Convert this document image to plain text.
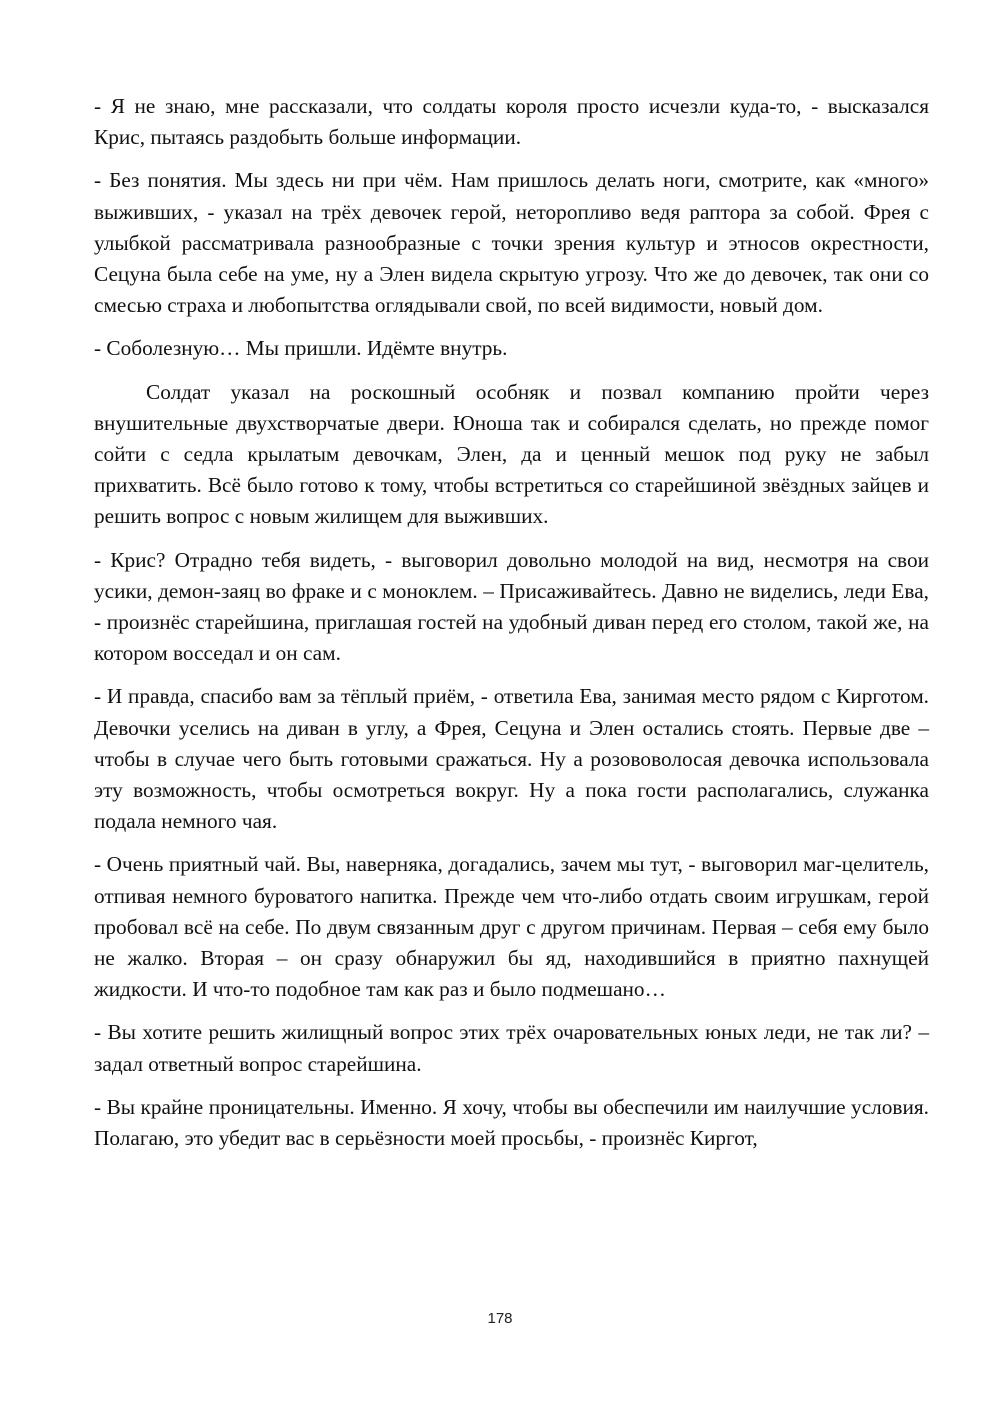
- Я не знаю, мне рассказали, что солдаты короля просто исчезли куда-то, - высказался Крис, пытаясь раздобыть больше информации.

- Без понятия. Мы здесь ни при чём. Нам пришлось делать ноги, смотрите, как «много» выживших, - указал на трёх девочек герой, неторопливо ведя раптора за собой. Фрея с улыбкой рассматривала разнообразные с точки зрения культур и этносов окрестности, Сецуна была себе на уме, ну а Элен видела скрытую угрозу. Что же до девочек, так они со смесью страха и любопытства оглядывали свой, по всей видимости, новый дом.

- Соболезную… Мы пришли. Идёмте внутрь.

Солдат указал на роскошный особняк и позвал компанию пройти через внушительные двухстворчатые двери. Юноша так и собирался сделать, но прежде помог сойти с седла крылатым девочкам, Элен, да и ценный мешок под руку не забыл прихватить. Всё было готово к тому, чтобы встретиться со старейшиной звёздных зайцев и решить вопрос с новым жилищем для выживших.

- Крис? Отрадно тебя видеть, - выговорил довольно молодой на вид, несмотря на свои усики, демон-заяц во фраке и с моноклем. – Присаживайтесь. Давно не виделись, леди Ева, - произнёс старейшина, приглашая гостей на удобный диван перед его столом, такой же, на котором восседал и он сам.

- И правда, спасибо вам за тёплый приём, - ответила Ева, занимая место рядом с Кирготом. Девочки уселись на диван в углу, а Фрея, Сецуна и Элен остались стоять. Первые две – чтобы в случае чего быть готовыми сражаться. Ну а розововолосая девочка использовала эту возможность, чтобы осмотреться вокруг. Ну а пока гости располагались, служанка подала немного чая.

- Очень приятный чай. Вы, наверняка, догадались, зачем мы тут, - выговорил маг-целитель, отпивая немного буроватого напитка. Прежде чем что-либо отдать своим игрушкам, герой пробовал всё на себе. По двум связанным друг с другом причинам. Первая – себя ему было не жалко. Вторая – он сразу обнаружил бы яд, находившийся в приятно пахнущей жидкости. И что-то подобное там как раз и было подмешано…

- Вы хотите решить жилищный вопрос этих трёх очаровательных юных леди, не так ли? – задал ответный вопрос старейшина.

- Вы крайне проницательны. Именно. Я хочу, чтобы вы обеспечили им наилучшие условия. Полагаю, это убедит вас в серьёзности моей просьбы, - произнёс Киргот,

178
